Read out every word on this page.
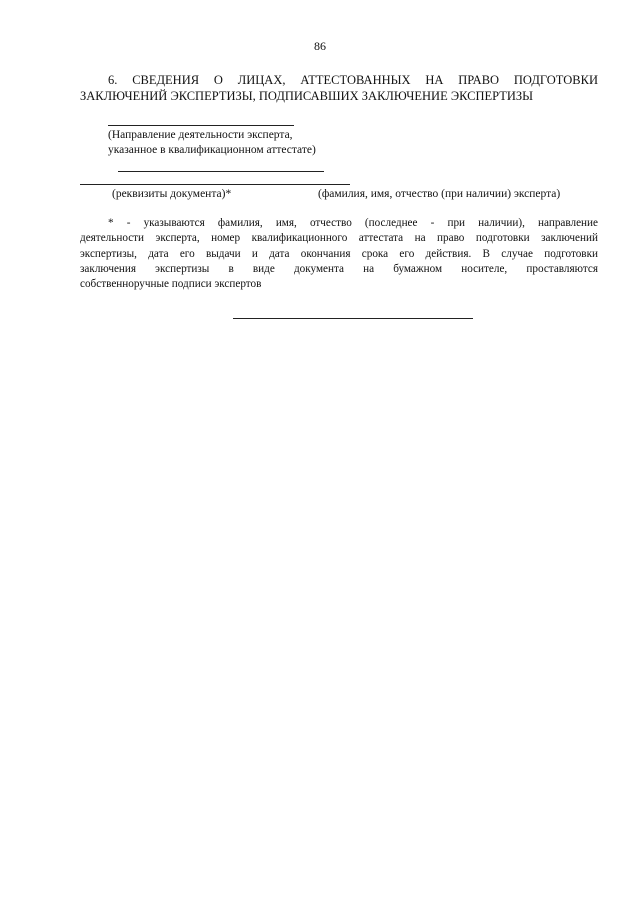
86
6. СВЕДЕНИЯ О ЛИЦАХ, АТТЕСТОВАННЫХ НА ПРАВО ПОДГОТОВКИ
ЗАКЛЮЧЕНИЙ ЭКСПЕРТИЗЫ, ПОДПИСАВШИХ ЗАКЛЮЧЕНИЕ ЭКСПЕРТИЗЫ
(Направление деятельности эксперта,
указанное в квалификационном аттестате)
(реквизиты документа)*	(фамилия, имя, отчество (при наличии) эксперта)
* - указываются фамилия, имя, отчество (последнее - при наличии), направление
деятельности эксперта, номер квалификационного аттестата на право подготовки заключений
экспертизы, дата его выдачи и дата окончания срока его действия. В случае подготовки
заключения экспертизы в виде документа на бумажном носителе, проставляются
собственноручные подписи экспертов
